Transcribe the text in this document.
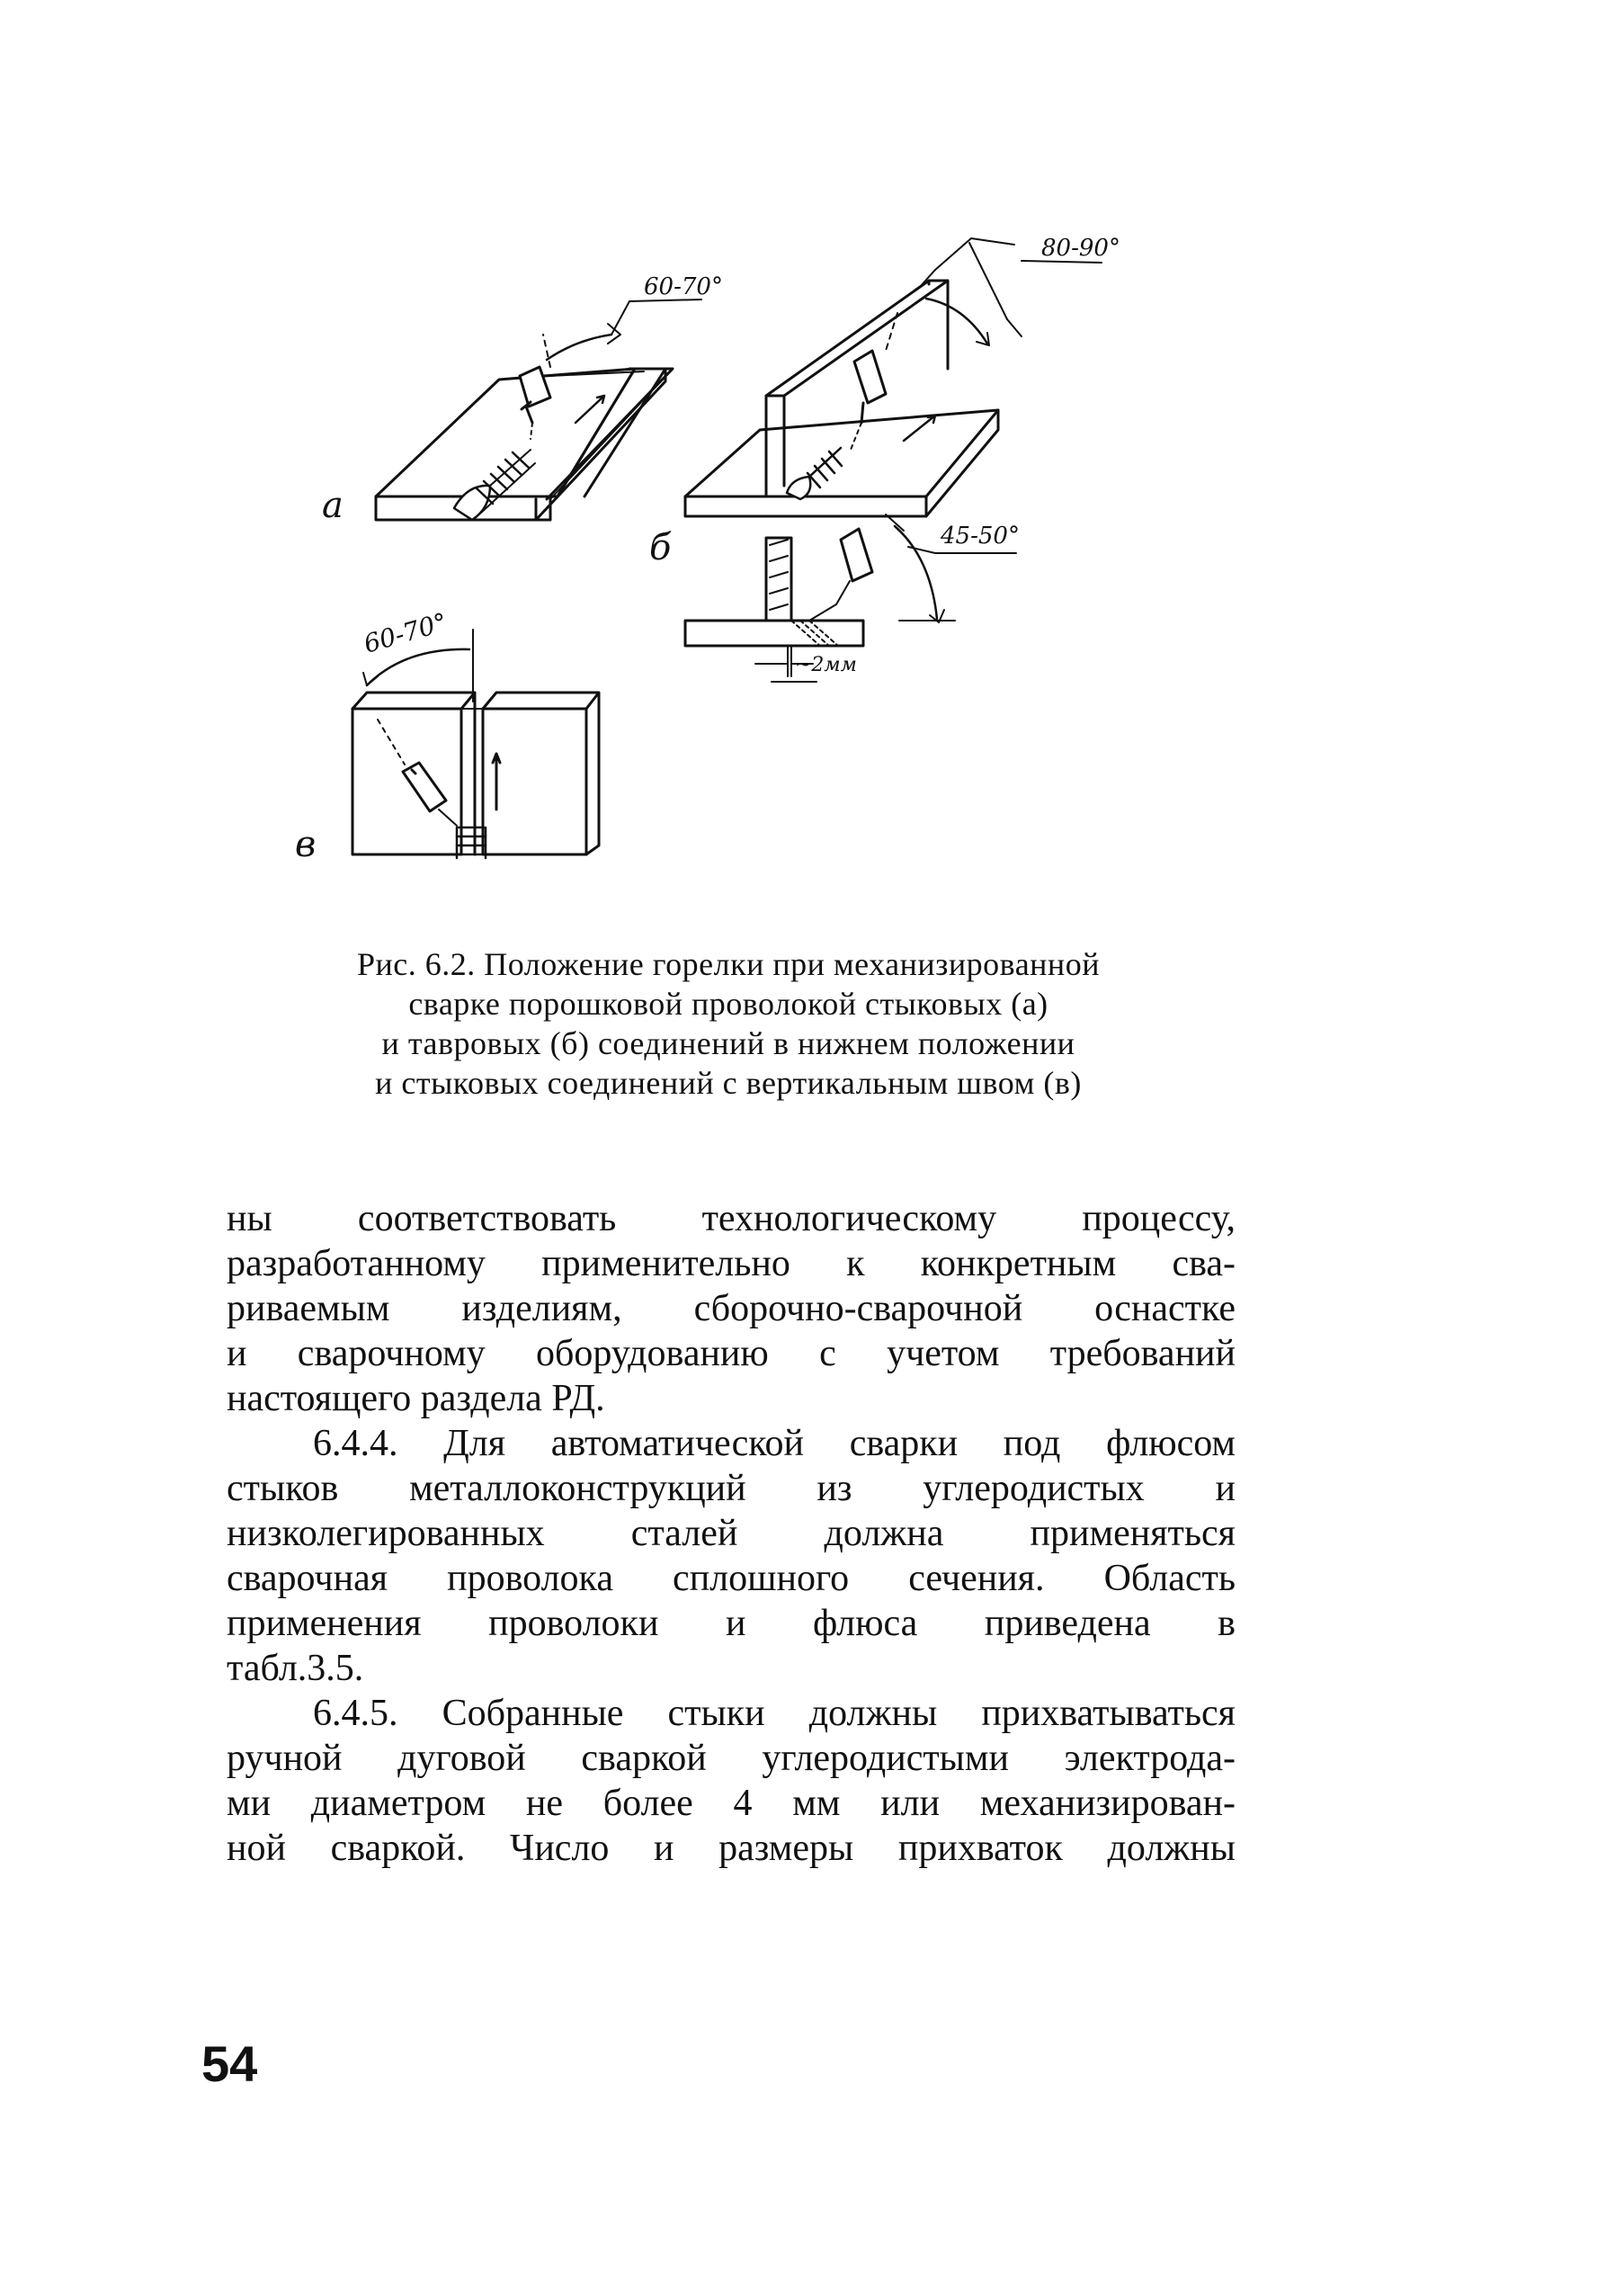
60-70°
а
80-90°
б	45-50°
~2мм
60-70°
в
Рис. 6.2. Положение горелки при механизированной
сварке порошковой проволокой стыковых (а)
и тавровых (б) соединений в нижнем положении
и стыковых соединений с вертикальным швом (в)
ны соответствовать технологическому процессу,
разработанному применительно к конкретным сва-
риваемым изделиям, сборочно-сварочной оснастке
и сварочному оборудованию с учетом требований
настоящего раздела РД.
6.4.4. Для автоматической сварки под флюсом
стыков металлоконструкций из углеродистых и
низколегированных сталей должна применяться
сварочная проволока сплошного сечения. Область
применения проволоки и флюса приведена в
табл.3.5.
6.4.5. Собранные стыки должны прихватываться
ручной дуговой сваркой углеродистыми электрода-
ми диаметром не более 4 мм или механизирован-
ной сваркой. Число и размеры прихваток должны
54
